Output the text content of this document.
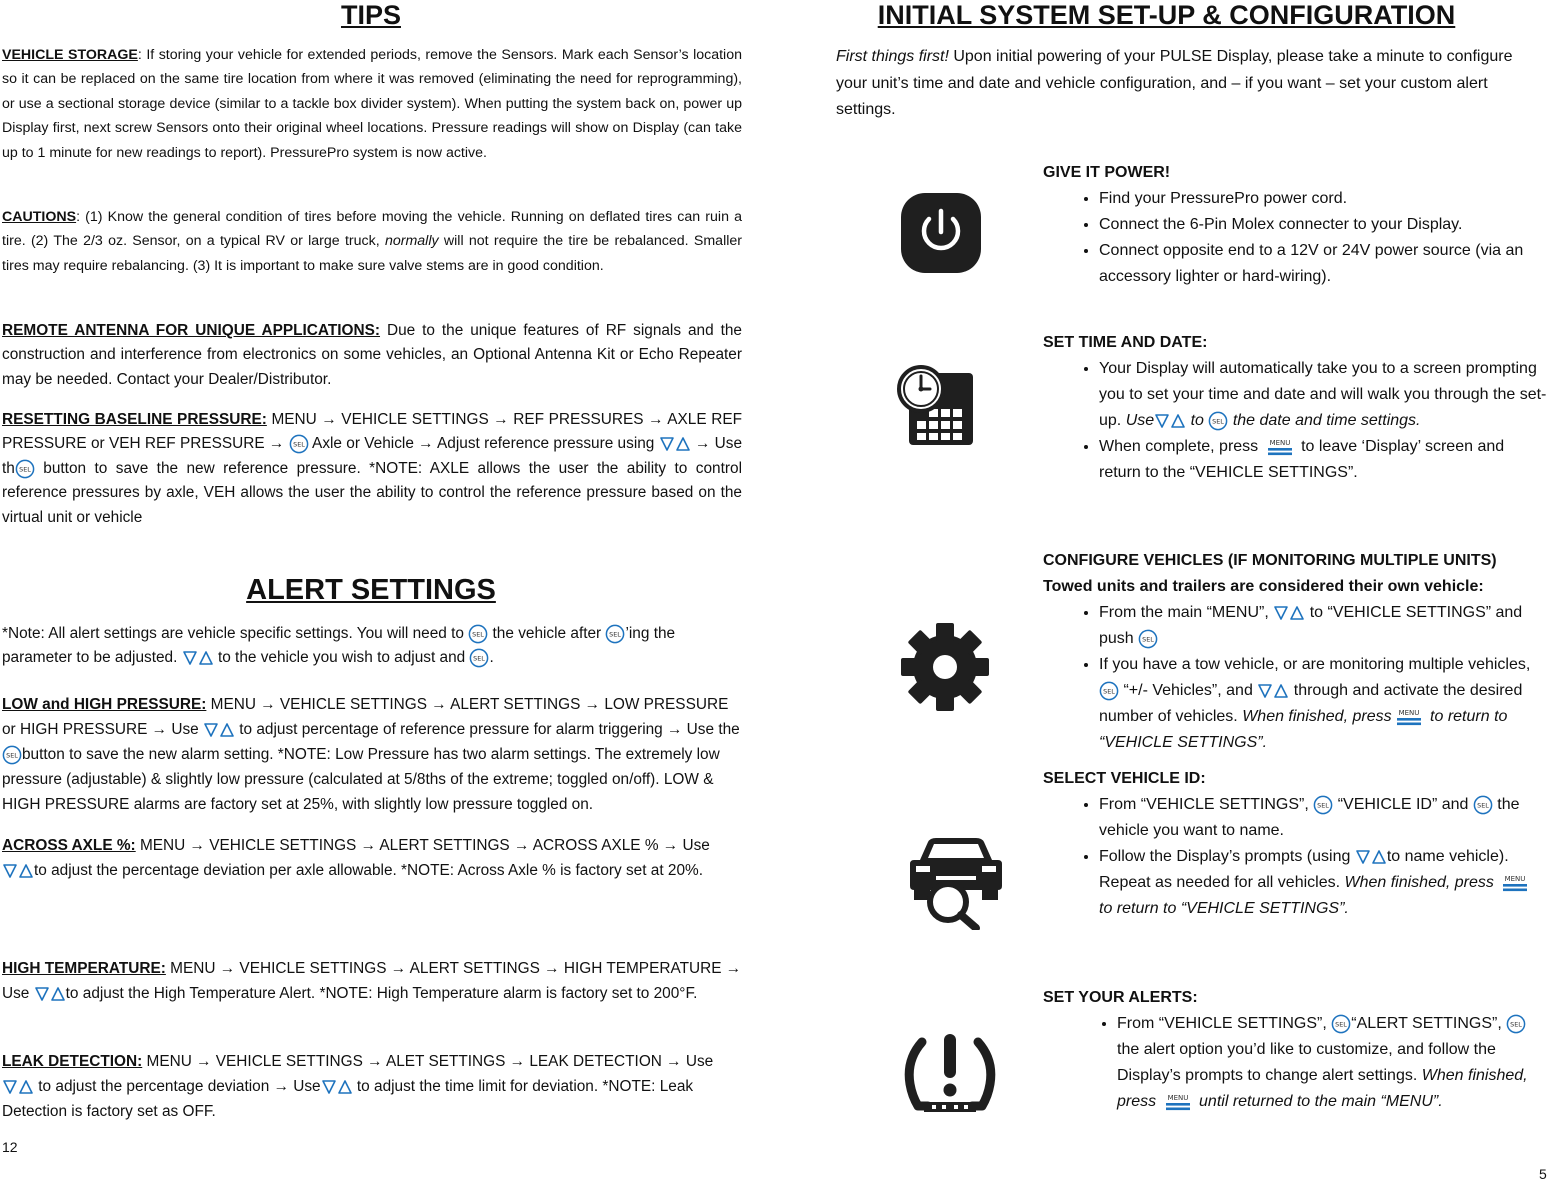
TIPS
VEHICLE STORAGE: If storing your vehicle for extended periods, remove the Sensors. Mark each Sensor’s location so it can be replaced on the same tire location from where it was removed (eliminating the need for reprogramming), or use a sectional storage device (similar to a tackle box divider system). When putting the system back on, power up Display first, next screw Sensors onto their original wheel locations. Pressure readings will show on Display (can take up to 1 minute for new readings to report). PressurePro system is now active.
CAUTIONS: (1) Know the general condition of tires before moving the vehicle. Running on deflated tires can ruin a tire. (2) The 2/3 oz. Sensor, on a typical RV or large truck, normally will not require the tire be rebalanced. Smaller tires may require rebalancing. (3) It is important to make sure valve stems are in good condition.
REMOTE ANTENNA FOR UNIQUE APPLICATIONS: Due to the unique features of RF signals and the construction and interference from electronics on some vehicles, an Optional Antenna Kit or Echo Repeater may be needed. Contact your Dealer/Distributor.
RESETTING BASELINE PRESSURE: MENU → VEHICLE SETTINGS → REF PRESSURES → AXLE REF PRESSURE or VEH REF PRESSURE →
Axle or Vehicle → Adjust reference pressure using
→ Use th
button to save the new reference pressure. *NOTE: AXLE allows the user the ability to control reference pressures by axle, VEH allows the user the ability to control the reference pressure based on the virtual unit or vehicle
ALERT SETTINGS
*Note: All alert settings are vehicle specific settings. You will need to
the vehicle after
’ing the parameter to be adjusted.
to the vehicle you wish to adjust and
.
LOW and HIGH PRESSURE: MENU → VEHICLE SETTINGS → ALERT SETTINGS → LOW PRESSURE or HIGH PRESSURE → Use
to adjust percentage of reference pressure for alarm triggering → Use the
button to save the new alarm setting. *NOTE: Low Pressure has two alarm settings. The extremely low pressure (adjustable) & slightly low pressure (calculated at 5/8ths of the extreme; toggled on/off). LOW & HIGH PRESSURE alarms are factory set at 25%, with slightly low pressure toggled on.
ACROSS AXLE %: MENU → VEHICLE SETTINGS → ALERT SETTINGS → ACROSS AXLE % → Use
to adjust the percentage deviation per axle allowable. *NOTE: Across Axle % is factory set at 20%.
HIGH TEMPERATURE: MENU → VEHICLE SETTINGS → ALERT SETTINGS → HIGH TEMPERATURE → Use
to adjust the High Temperature Alert. *NOTE: High Temperature alarm is factory set to 200°F.
LEAK DETECTION: MENU → VEHICLE SETTINGS → ALET SETTINGS → LEAK DETECTION → Use
to adjust the percentage deviation → Use
to adjust the time limit for deviation. *NOTE: Leak Detection is factory set as OFF.
12
INITIAL SYSTEM SET-UP & CONFIGURATION
First things first! Upon initial powering of your PULSE Display, please take a minute to configure your unit’s time and date and vehicle configuration, and – if you want – set your custom alert settings.
GIVE IT POWER!
• Find your PressurePro power cord.
• Connect the 6-Pin Molex connecter to your Display.
• Connect opposite end to a 12V or 24V power source (via an accessory lighter or hard-wiring).
SET TIME AND DATE:
• Your Display will automatically take you to a screen prompting you to set your time and date and will walk you through the set-up. Use
to
the date and time settings.
• When complete, press
to leave ‘Display’ screen and return to the “VEHICLE SETTINGS”.
CONFIGURE VEHICLES (IF MONITORING MULTIPLE UNITS)
Towed units and trailers are considered their own vehicle:
• From the main “MENU”,
to “VEHICLE SETTINGS” and push
• If you have a tow vehicle, or are monitoring multiple vehicles,
“+/- Vehicles”, and
through and activate the desired number of vehicles. When finished, press
to return to “VEHICLE SETTINGS”.
SELECT VEHICLE ID:
• From “VEHICLE SETTINGS”,
“VEHICLE ID” and
the vehicle you want to name.
• Follow the Display’s prompts (using
to name vehicle). Repeat as needed for all vehicles. When finished, press
to return to “VEHICLE SETTINGS”.
SET YOUR ALERTS:
• From “VEHICLE SETTINGS”,
“ALERT SETTINGS”,
the alert option you’d like to customize, and follow the Display’s prompts to change alert settings. When finished, press
until returned to the main “MENU”.
5
